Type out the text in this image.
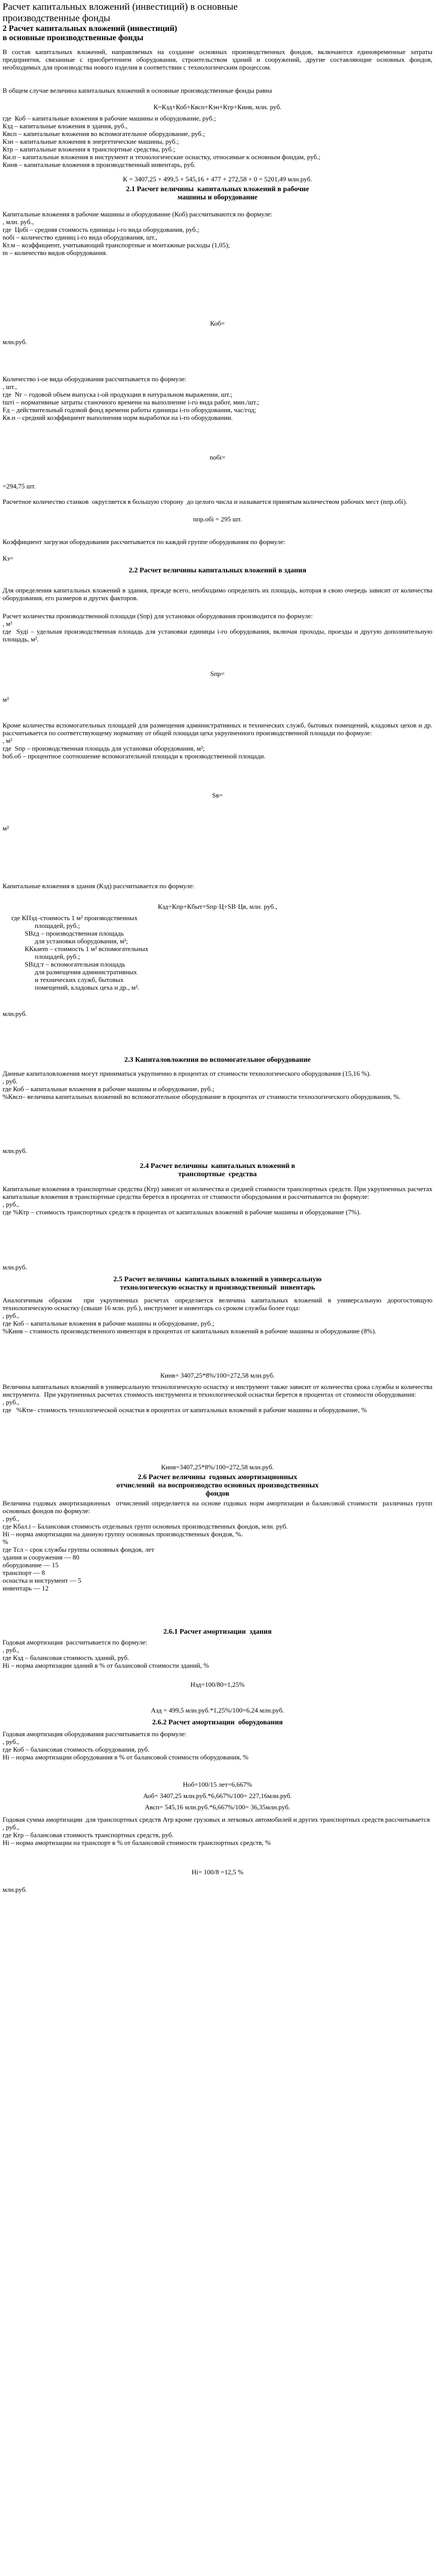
Расчет капитальных вложений (инвестиций) в основные
производственные фонды
2 Расчет капитальных вложений (инвестиций)
в основные производственные фонды
В состав капитальных вложений, направляемых на создание основных производственных фондов, включаются единовременные затраты предприятия, связанные с приобретением оборудования, строительством зданий и сооружений, другие составляющие основных фондов, необходимых для производства нового изделия в соответствии с технологическим процессом.
В общем случае величина капитальных вложений в основные производственные фонды равна
К=Кзд+Коб+Квсп+Кэн+Ктр+Кинв, млн. руб.
где  Коб – капитальные вложения в рабочие машины и оборудование, руб.;
Кзд – капитальные вложения в здания, руб.,
Квсп – капитальные вложения во вспомогательное оборудование, руб.;
Кэн – капитальные вложения в энергетические машины, руб.;
Ктр – капитальные вложения в транспортные средства, руб.;
Ки.п – капитальные вложения в инструмент и технологические оснастку, относимые к основным фондам, руб.;
Кинв – капитальные вложения в производственный инвентарь, руб.
К = 3407,25 + 499,5 + 545,16 + 477 + 272,58 + 0 = 5201,49 млн.руб.
2.1 Расчет величины  капитальных вложений в рабочие
машины и оборудование
Капитальные вложения в рабочие машины и оборудование (Коб) рассчитываются по формуле:
, млн. руб.,
где  Цобi – средняя стоимость единицы i-го вида оборудования, руб.;
nобi – количество единиц i-го вида оборудования, шт.,
Кт.м – коэффициент, учитывающий транспортные и монтажные расходы (1,05);
m – количество видов оборудования.
Коб=
млн.руб.
Количество i-ое вида оборудования рассчитывается по формуле:
, шт.,
где  Nг – годовой объем выпуска i-ой продукции в натуральном выражении, шт.;
tштi – нормативные затраты станочного времени на выполнение i-го вида работ, мин./шт.;
Fд – действительный годовой фонд времени работы единицы i-го оборудования, час/год;
Кв.н – средний коэффициент выполнения норм выработки на i-го оборудовании.
nобi=
=294,75 шт.
Расчетное количество станков  округляется в большую сторону  до целого числа и называется принятым количеством рабочих мест (nпр.обi).
nпр.обi = 295 шт.
Коэффициент загрузки оборудования рассчитывается по каждой группе оборудования по формуле:
Кз=
2.2 Расчет величины капитальных вложений в здания
Для определения капитальных вложений в здания, прежде всего, необходимо определить их площадь, которая в свою очередь зависит от количества оборудования, его размеров и других факторов.
Расчет количества производственной площади (Sпр) для установки оборудования производится по формуле:
, м²
где  Sудi – удельная производственная площадь для установки единицы i-го оборудования, включая проходы, проезды и другую дополнительную площадь, м².
Sпр=
м²
Кроме количества вспомогательных площадей для размещения административных и технических служб, бытовых помещений, кладовых цехов и др. рассчитывается по соответствующему нормативу от общей площади цеха укрупненного производственной площади по формуле:
, м²
где  Sпр – производственная площадь для установки оборудования, м²;
bоб.об – процентное соотношение вспомогательной площади к производственной площади.
Sв=
м²
Капитальные вложения в здания (Кзд) рассчитывается по формуле:
Кзд=Кпр+Кбыт=Sпр·Ц+SВ·Цв, млн. руб.,
где КПзд–стоимость 1 м² производственных
площадей, руб.;
SВzд – производственная площадь
для установки оборудования, м²;
ККкаеm – стоимость 1 м² вспомогательных
площадей, руб.;
SВzд:т – вспомогательная площадь
для размещения административных
и технических служб, бытовых
помещений, кладовых цеха и др., м².
млн.руб.
2.3 Капиталовложения во вспомогательное оборудование
Данные капиталовложения могут приниматься укрупненно в процентах от стоимости технологического оборудования (15,16 %).
, руб.
где Коб – капитальные вложения в рабочие машины и оборудование, руб.;
%Квсп– величина капитальных вложений во вспомогательное оборудование в процентах от стоимости технологического оборудования, %.
млн.руб.
2.4 Расчет величины  капитальных вложений в
транспортные  средства
Капитальные вложения в транспортные средства (Ктр) зависит от количества и средней стоимости транспортных средств. При укрупненных расчетах капитальные вложения в транспортные средства берется в процентах от стоимости оборудования и рассчитывается по формуле:
, руб.,
где %Ктр – стоимость транспортных средств в процентах от капитальных вложений в рабочие машины и оборудование (7%).
млн.руб.
2.5 Расчет величины  капитальных вложений в универсальную
технологическую оснастку и производственный  инвентарь
Аналогичным образом  при укрупненных расчетах определяется величина капитальных вложений в универсальную дорогостоящую технологическую оснастку (свыше 16 млн. руб.), инструмент и инвентарь со сроком службы более года:
, руб.,
где Коб – капитальные вложения в рабочие машины и оборудование, руб.;
%Кинв – стоимость производственного инвентаря в процентах от капитальных вложений в рабочие машины и оборудование (8%).
Кинв= 3407,25*8%/100=272,58 млн.руб.
Величина капитальных вложений в универсальную технологическую оснастку и инструмент также зависит от количества срока службы и количества инструмента.  При укрупненных расчетах стоимость инструмента и технологической оснастки берется в процентах от стоимости оборудования:
, руб.,
где   %Кти– стоимость технологической оснастки в процентах от капитальных вложений в рабочие машины и оборудование, %
Кинв=3407,25*8%/100=272,58 млн.руб.
2.6 Расчет величины  годовых амортизационных
отчислений  на воспроизводство основных производственных
фондов
Величина годовых амортизационных  отчислений определяется на основе годовых норм амортизации и балансовой стоимости  различных групп основных фондов по формуле:
, руб.,
где Кбал.i – Балансовая стоимость отдельных групп основных производственных фондов, млн. руб.
Нi – норма амортизации на данную группу основных производственных фондов, %.
%
где Тсл – срок службы группы основных фондов, лет
здания и сооружения — 80
оборудование — 15
транспорт — 8
оснастка и инструмент — 5
инвентарь — 12
2.6.1 Расчет амортизации  здания
Годовая амортизация  рассчитывается по формуле:
, руб.,
где Кзд – балансовая стоимость зданий, руб.
Нi – норма амортизации зданий в % от балансовой стоимости зданий, %
Нзд=100/80=1,25%
Азд = 499,5 млн.руб.*1,25%/100=6,24 млн.руб.
2.6.2 Расчет амортизации  оборудования
Годовая амортизация оборудования рассчитывается по формуле:
, руб.,
где Коб – балансовая стоимость оборудования, руб.
Нi – норма амортизации оборудования в % от балансовой стоимости оборудования, %
Ноб=100/15 лет=6,667%
Аоб= 3407,25 млн.руб.*6,667%/100= 227,16млн.руб.
Авсп= 545,16 млн.руб.*6,667%/100= 36,35млн.руб.
Годовая сумма амортизации  для транспортных средств Атр кроме грузовых и легковых автомобилей и других транспортных средств рассчитывается
, руб.,
где Ктр – балансовая стоимость транспортных средств, руб.
Нi – норма амортизации на транспорт в % от балансовой стоимости транспортных средств, %
Нi= 100/8 =12,5 %
млн.руб.
